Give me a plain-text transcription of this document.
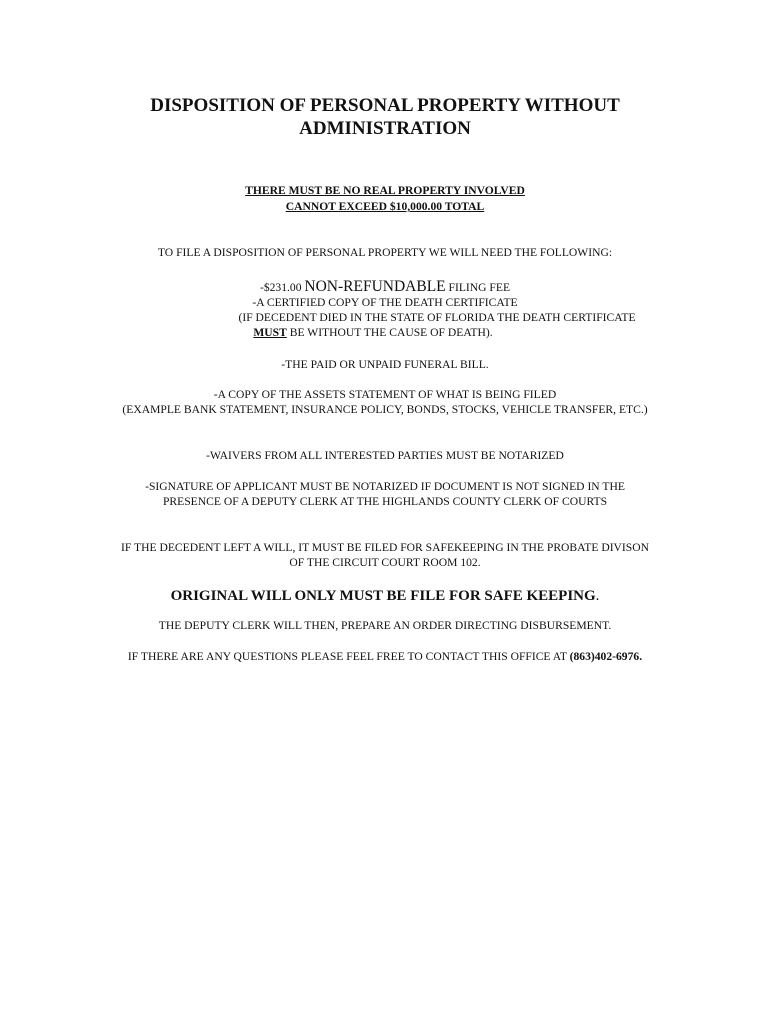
DISPOSITION OF PERSONAL PROPERTY WITHOUT
ADMINISTRATION
THERE MUST BE NO REAL PROPERTY INVOLVED
CANNOT EXCEED $10,000.00 TOTAL
TO FILE A DISPOSITION OF PERSONAL PROPERTY WE WILL NEED THE FOLLOWING:
-$231.00 NON-REFUNDABLE FILING FEE
-A CERTIFIED COPY OF THE DEATH CERTIFICATE
(IF DECEDENT DIED IN THE STATE OF FLORIDA THE DEATH CERTIFICATE
MUST BE WITHOUT THE CAUSE OF DEATH).
-THE PAID OR UNPAID FUNERAL BILL.
-A COPY OF THE ASSETS STATEMENT OF WHAT IS BEING FILED
(EXAMPLE BANK STATEMENT, INSURANCE POLICY, BONDS, STOCKS, VEHICLE TRANSFER, ETC.)
-WAIVERS FROM ALL INTERESTED PARTIES MUST BE NOTARIZED
-SIGNATURE OF APPLICANT MUST BE NOTARIZED IF DOCUMENT IS NOT SIGNED IN THE
PRESENCE OF A DEPUTY CLERK AT THE HIGHLANDS COUNTY CLERK OF COURTS
IF THE DECEDENT LEFT A WILL, IT MUST BE FILED FOR SAFEKEEPING IN THE PROBATE DIVISON
OF THE CIRCUIT COURT ROOM 102.
ORIGINAL WILL ONLY MUST BE FILE FOR SAFE KEEPING.
THE DEPUTY CLERK WILL THEN, PREPARE AN ORDER DIRECTING DISBURSEMENT.
IF THERE ARE ANY QUESTIONS PLEASE FEEL FREE TO CONTACT THIS OFFICE AT (863)402-6976.
